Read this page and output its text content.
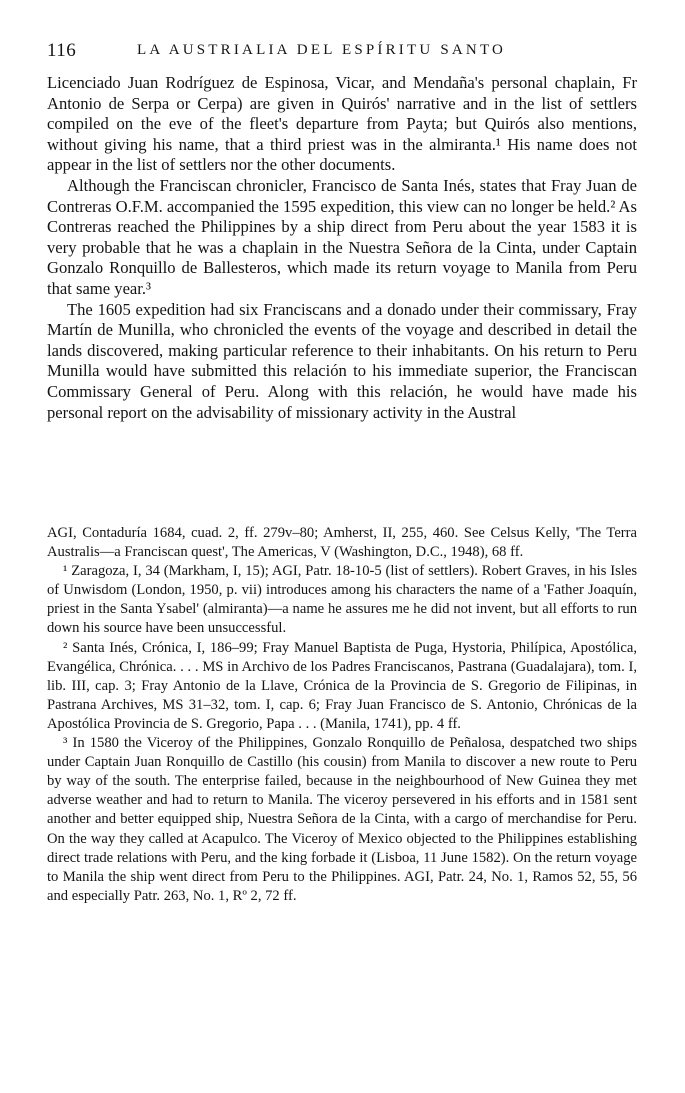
116	LA AUSTRIALIA DEL ESPÍRITU SANTO

Licenciado Juan Rodríguez de Espinosa, Vicar, and Mendaña's personal chaplain, Fr Antonio de Serpa or Cerpa) are given in Quirós' narrative and in the list of settlers compiled on the eve of the fleet's departure from Payta; but Quirós also mentions, without giving his name, that a third priest was in the almiranta.¹ His name does not appear in the list of settlers nor the other documents.

Although the Franciscan chronicler, Francisco de Santa Inés, states that Fray Juan de Contreras O.F.M. accompanied the 1595 expedition, this view can no longer be held.² As Contreras reached the Philippines by a ship direct from Peru about the year 1583 it is very probable that he was a chaplain in the Nuestra Señora de la Cinta, under Captain Gonzalo Ronquillo de Ballesteros, which made its return voyage to Manila from Peru that same year.³

The 1605 expedition had six Franciscans and a donado under their commissary, Fray Martín de Munilla, who chronicled the events of the voyage and described in detail the lands discovered, making particular reference to their inhabitants. On his return to Peru Munilla would have submitted this relación to his immediate superior, the Franciscan Commissary General of Peru. Along with this relación, he would have made his personal report on the advisability of missionary activity in the Austral

AGI, Contaduría 1684, cuad. 2, ff. 279v–80; Amherst, II, 255, 460. See Celsus Kelly, 'The Terra Australis—a Franciscan quest', The Americas, V (Washington, D.C., 1948), 68 ff.

¹ Zaragoza, I, 34 (Markham, I, 15); AGI, Patr. 18-10-5 (list of settlers). Robert Graves, in his Isles of Unwisdom (London, 1950, p. vii) introduces among his characters the name of a 'Father Joaquín, priest in the Santa Ysabel' (almiranta)—a name he assures me he did not invent, but all efforts to run down his source have been unsuccessful.

² Santa Inés, Crónica, I, 186–99; Fray Manuel Baptista de Puga, Hystoria, Philípica, Apostólica, Evangélica, Chrónica. . . . MS in Archivo de los Padres Franciscanos, Pastrana (Guadalajara), tom. I, lib. III, cap. 3; Fray Antonio de la Llave, Crónica de la Provincia de S. Gregorio de Filipinas, in Pastrana Archives, MS 31–32, tom. I, cap. 6; Fray Juan Francisco de S. Antonio, Chrónicas de la Apostólica Provincia de S. Gregorio, Papa . . . (Manila, 1741), pp. 4 ff.

³ In 1580 the Viceroy of the Philippines, Gonzalo Ronquillo de Peñalosa, despatched two ships under Captain Juan Ronquillo de Castillo (his cousin) from Manila to discover a new route to Peru by way of the south. The enterprise failed, because in the neighbourhood of New Guinea they met adverse weather and had to return to Manila. The viceroy persevered in his efforts and in 1581 sent another and better equipped ship, Nuestra Señora de la Cinta, with a cargo of merchandise for Peru. On the way they called at Acapulco. The Viceroy of Mexico objected to the Philippines establishing direct trade relations with Peru, and the king forbade it (Lisboa, 11 June 1582). On the return voyage to Manila the ship went direct from Peru to the Philippines. AGI, Patr. 24, No. 1, Ramos 52, 55, 56 and especially Patr. 263, No. 1, Rº 2, 72 ff.
